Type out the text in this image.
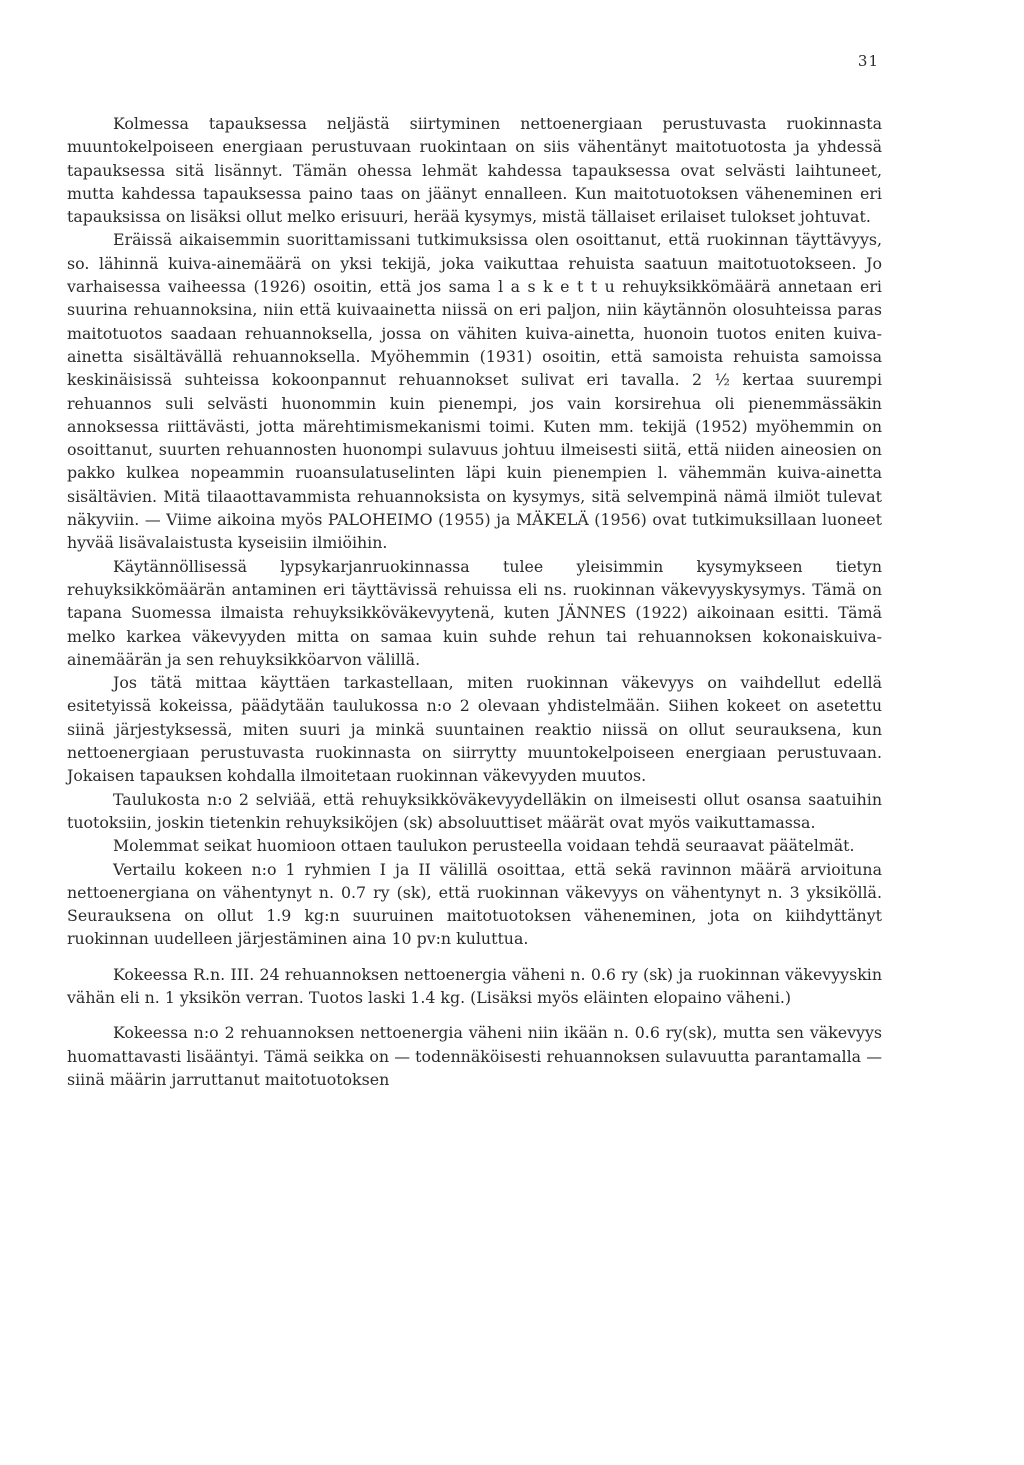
31

Kolmessa tapauksessa neljästä siirtyminen nettoenergiaan perustuvasta ruokinnasta muuntokelpoiseen energiaan perustuvaan ruokintaan on siis vähentänyt maitotuotosta ja yhdessä tapauksessa sitä lisännyt. Tämän ohessa lehmät kahdessa tapauksessa ovat selvästi laihtuneet, mutta kahdessa tapauksessa paino taas on jäänyt ennalleen. Kun maitotuotoksen väheneminen eri tapauksissa on lisäksi ollut melko erisuuri, herää kysymys, mistä tällaiset erilaiset tulokset johtuvat.

Eräissä aikaisemmin suorittamissani tutkimuksissa olen osoittanut, että ruokinnan täyttävyys, so. lähinnä kuiva-ainemäärä on yksi tekijä, joka vaikuttaa rehuista saatuun maitotuotokseen. Jo varhaisessa vaiheessa (1926) osoitin, että jos sama l a s k e t t u rehuyksikkömäärä annetaan eri suurina rehuannoksina, niin että kuivaainetta niissä on eri paljon, niin käytännön olosuhteissa paras maitotuotos saadaan rehuannoksella, jossa on vähiten kuiva-ainetta, huonoin tuotos eniten kuiva-ainetta sisältävällä rehuannoksella. Myöhemmin (1931) osoitin, että samoista rehuista samoissa keskinäisissä suhteissa kokoonpannut rehuannokset sulivat eri tavalla. 2 ½ kertaa suurempi rehuannos suli selvästi huonommin kuin pienempi, jos vain korsirehua oli pienemmässäkin annoksessa riittävästi, jotta märehtimismekanismi toimi. Kuten mm. tekijä (1952) myöhemmin on osoittanut, suurten rehuannosten huonompi sulavuus johtuu ilmeisesti siitä, että niiden aineosien on pakko kulkea nopeammin ruoansulatuselinten läpi kuin pienempien l. vähemmän kuiva-ainetta sisältävien. Mitä tilaaottavammista rehuannoksista on kysymys, sitä selvempinä nämä ilmiöt tulevat näkyviin. — Viime aikoina myös PALOHEIMO (1955) ja MÄKELÄ (1956) ovat tutkimuksillaan luoneet hyvää lisävalaistusta kyseisiin ilmiöihin.

Käytännöllisessä lypsykarjanruokinnassa tulee yleisimmin kysymykseen tietyn rehuyksikkömäärän antaminen eri täyttävissä rehuissa eli ns. ruokinnan väkevyyskysymys. Tämä on tapana Suomessa ilmaista rehuyksikköväkevyytenä, kuten JÄNNES (1922) aikoinaan esitti. Tämä melko karkea väkevyyden mitta on samaa kuin suhde rehun tai rehuannoksen kokonaiskuiva-ainemäärän ja sen rehuyksikköarvon välillä.

Jos tätä mittaa käyttäen tarkastellaan, miten ruokinnan väkevyys on vaihdellut edellä esitetyissä kokeissa, päädytään taulukossa n:o 2 olevaan yhdistelmään. Siihen kokeet on asetettu siinä järjestyksessä, miten suuri ja minkä suuntainen reaktio niissä on ollut seurauksena, kun nettoenergiaan perustuvasta ruokinnasta on siirrytty muuntokelpoiseen energiaan perustuvaan. Jokaisen tapauksen kohdalla ilmoitetaan ruokinnan väkevyyden muutos.

Taulukosta n:o 2 selviää, että rehuyksikköväkevyydelläkin on ilmeisesti ollut osansa saatuihin tuotoksiin, joskin tietenkin rehuyksiköjen (sk) absoluuttiset määrät ovat myös vaikuttamassa.

Molemmat seikat huomioon ottaen taulukon perusteella voidaan tehdä seuraavat päätelmät.

Vertailu kokeen n:o 1 ryhmien I ja II välillä osoittaa, että sekä ravinnon määrä arvioituna nettoenergiana on vähentynyt n. 0.7 ry (sk), että ruokinnan väkevyys on vähentynyt n. 3 yksiköllä. Seurauksena on ollut 1.9 kg:n suuruinen maitotuotoksen väheneminen, jota on kiihdyttänyt ruokinnan uudelleen järjestäminen aina 10 pv:n kuluttua.

Kokeessa R.n. III. 24 rehuannoksen nettoenergia väheni n. 0.6 ry (sk) ja ruokinnan väkevyyskin vähän eli n. 1 yksikön verran. Tuotos laski 1.4 kg. (Lisäksi myös eläinten elopaino väheni.)

Kokeessa n:o 2 rehuannoksen nettoenergia väheni niin ikään n. 0.6 ry(sk), mutta sen väkevyys huomattavasti lisääntyi. Tämä seikka on — todennäköisesti rehuannoksen sulavuutta parantamalla — siinä määrin jarruttanut maitotuotoksen
